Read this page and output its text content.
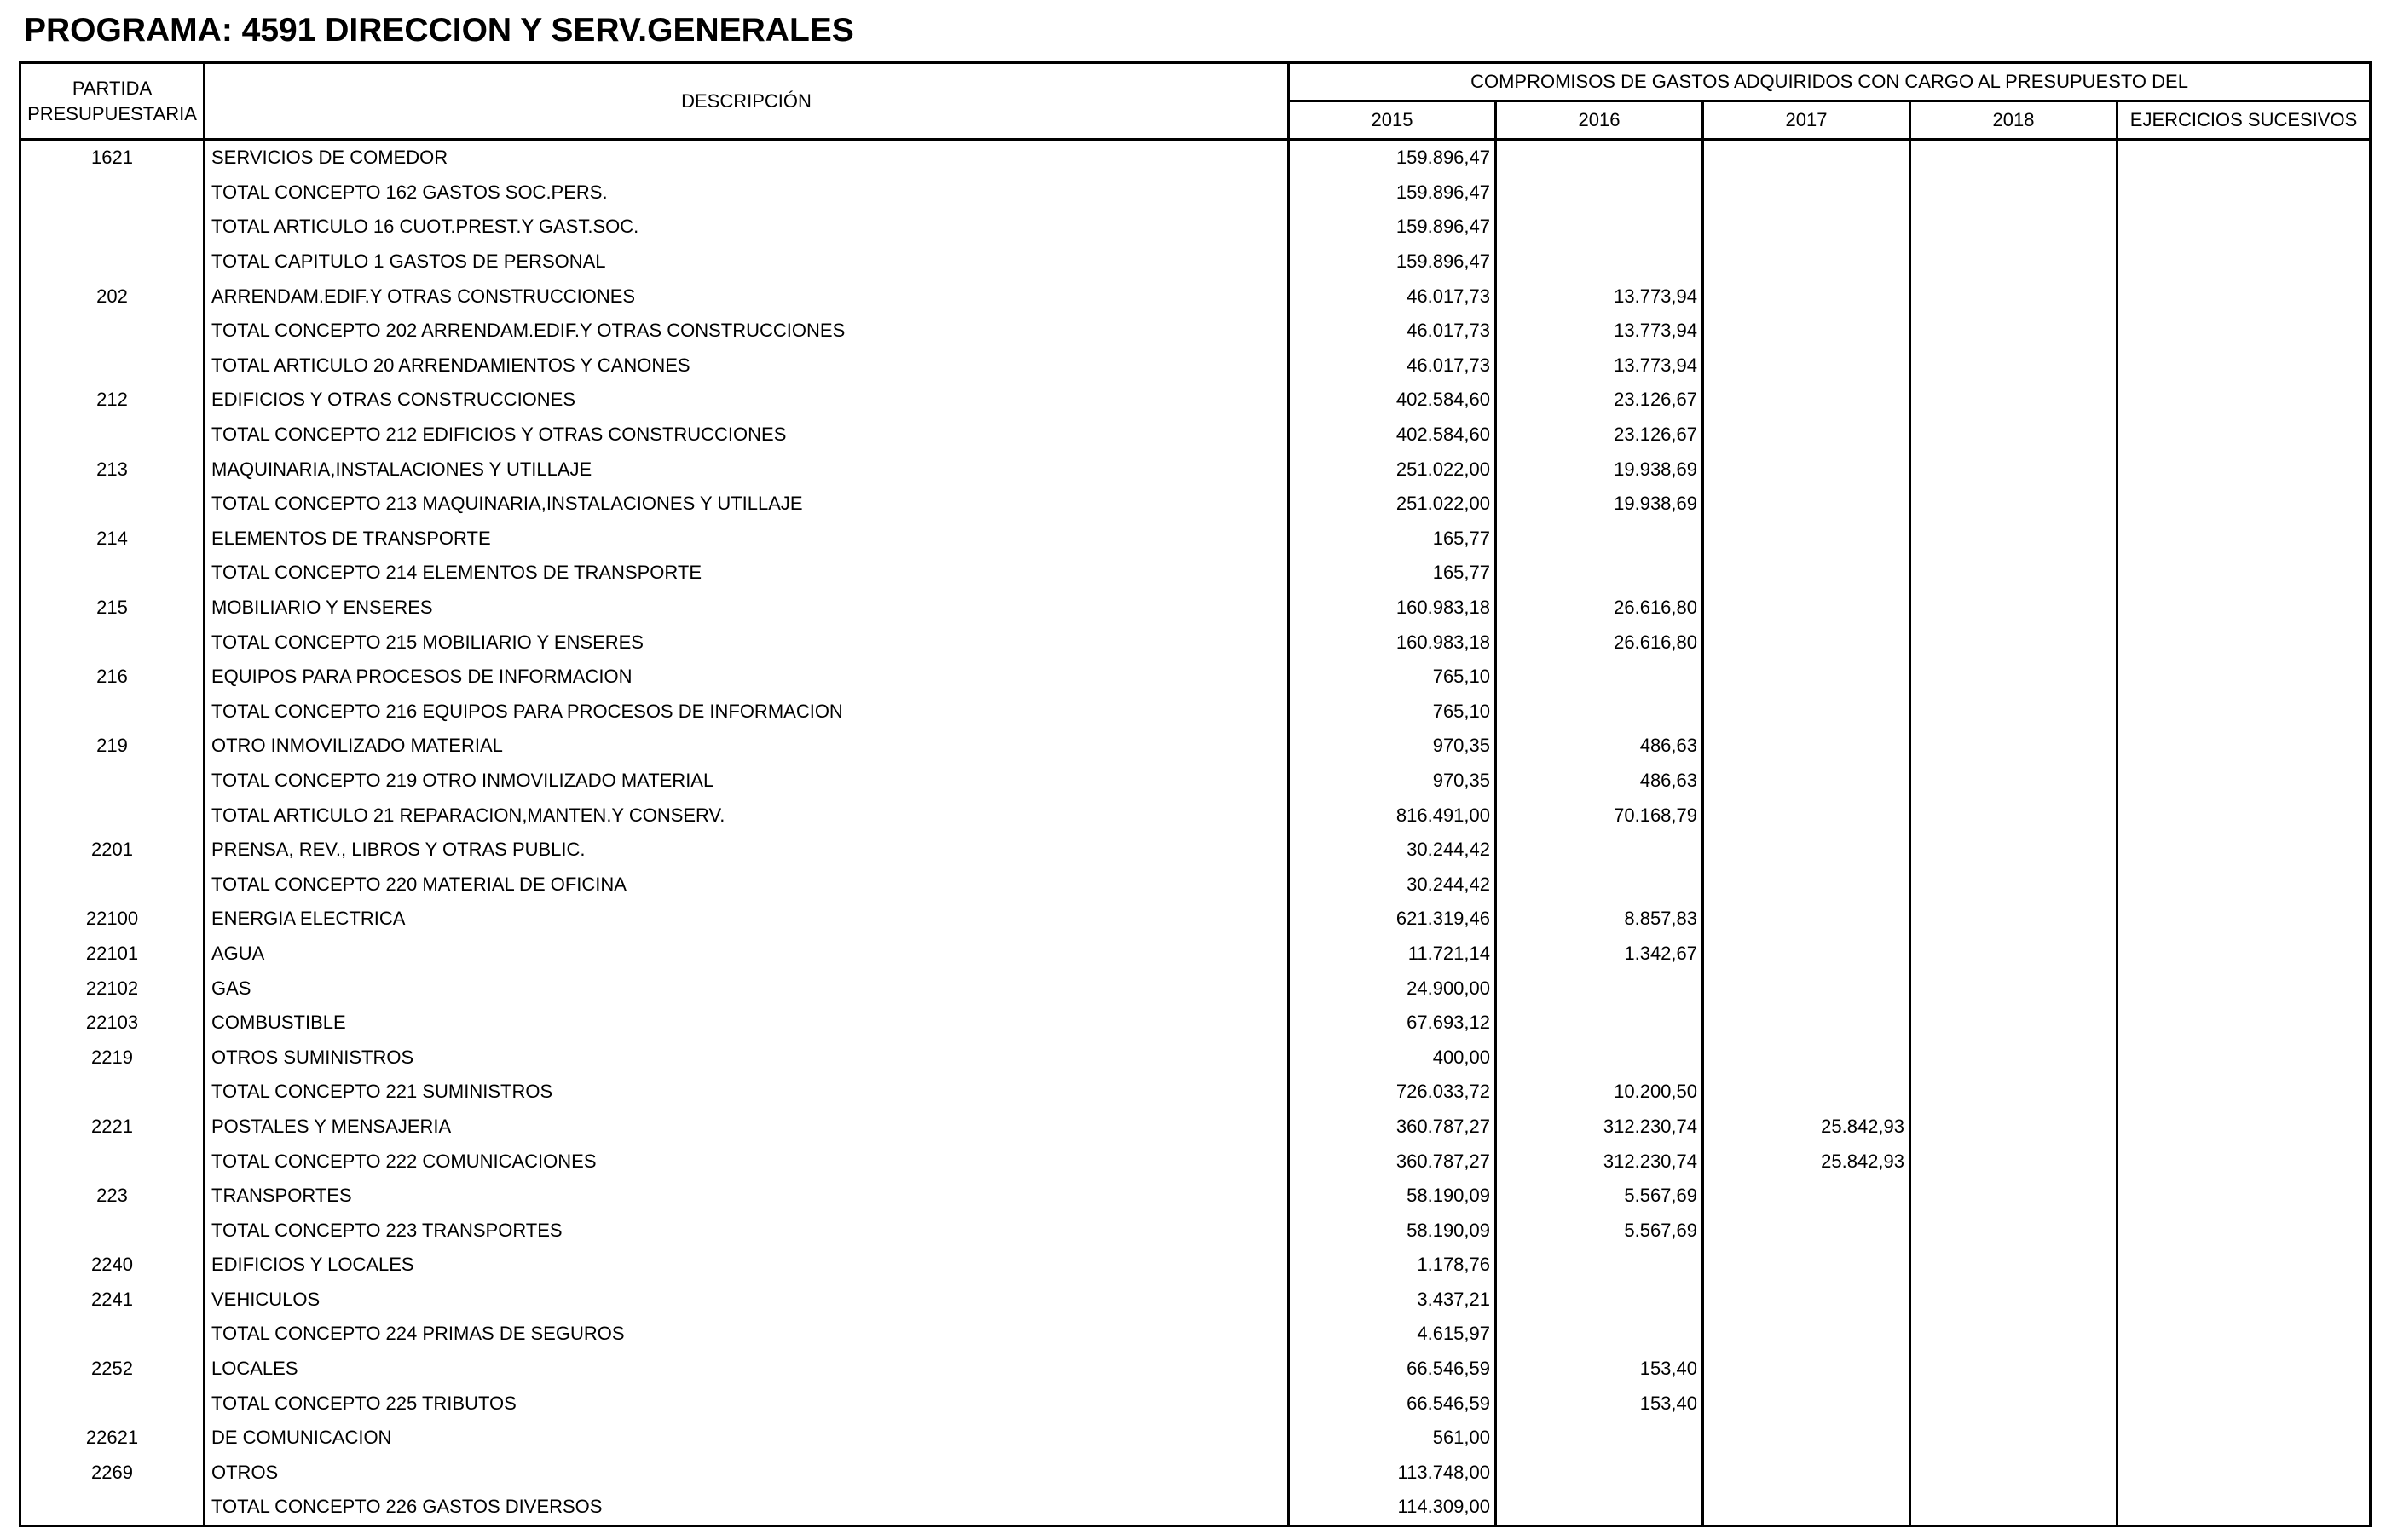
PROGRAMA: 4591 DIRECCION Y SERV.GENERALES
PARTIDA PRESUPUESTARIA	DESCRIPCIÓN	COMPROMISOS DE GASTOS ADQUIRIDOS CON CARGO AL PRESUPUESTO DEL				
		2015	2016	2017	2018	EJERCICIOS SUCESIVOS
1621	SERVICIOS DE COMEDOR	159.896,47				
	TOTAL CONCEPTO 162 GASTOS SOC.PERS.	159.896,47				
	TOTAL ARTICULO 16 CUOT.PREST.Y GAST.SOC.	159.896,47				
	TOTAL CAPITULO 1 GASTOS DE PERSONAL	159.896,47				
202	ARRENDAM.EDIF.Y OTRAS CONSTRUCCIONES	46.017,73	13.773,94			
	TOTAL CONCEPTO 202 ARRENDAM.EDIF.Y OTRAS CONSTRUCCIONES	46.017,73	13.773,94			
	TOTAL ARTICULO 20 ARRENDAMIENTOS Y CANONES	46.017,73	13.773,94			
212	EDIFICIOS Y OTRAS CONSTRUCCIONES	402.584,60	23.126,67			
	TOTAL CONCEPTO 212 EDIFICIOS Y OTRAS CONSTRUCCIONES	402.584,60	23.126,67			
213	MAQUINARIA,INSTALACIONES Y UTILLAJE	251.022,00	19.938,69			
	TOTAL CONCEPTO 213 MAQUINARIA,INSTALACIONES Y UTILLAJE	251.022,00	19.938,69			
214	ELEMENTOS DE TRANSPORTE	165,77				
	TOTAL CONCEPTO 214 ELEMENTOS DE TRANSPORTE	165,77				
215	MOBILIARIO Y ENSERES	160.983,18	26.616,80			
	TOTAL CONCEPTO 215 MOBILIARIO Y ENSERES	160.983,18	26.616,80			
216	EQUIPOS PARA PROCESOS DE INFORMACION	765,10				
	TOTAL CONCEPTO 216 EQUIPOS PARA PROCESOS DE INFORMACION	765,10				
219	OTRO INMOVILIZADO MATERIAL	970,35	486,63			
	TOTAL CONCEPTO 219 OTRO INMOVILIZADO MATERIAL	970,35	486,63			
	TOTAL ARTICULO 21 REPARACION,MANTEN.Y CONSERV.	816.491,00	70.168,79			
2201	PRENSA, REV., LIBROS Y OTRAS PUBLIC.	30.244,42				
	TOTAL CONCEPTO 220 MATERIAL DE OFICINA	30.244,42				
22100	ENERGIA ELECTRICA	621.319,46	8.857,83			
22101	AGUA	11.721,14	1.342,67			
22102	GAS	24.900,00				
22103	COMBUSTIBLE	67.693,12				
2219	OTROS SUMINISTROS	400,00				
	TOTAL CONCEPTO 221 SUMINISTROS	726.033,72	10.200,50			
2221	POSTALES Y MENSAJERIA	360.787,27	312.230,74	25.842,93		
	TOTAL CONCEPTO 222 COMUNICACIONES	360.787,27	312.230,74	25.842,93		
223	TRANSPORTES	58.190,09	5.567,69			
	TOTAL CONCEPTO 223 TRANSPORTES	58.190,09	5.567,69			
2240	EDIFICIOS Y LOCALES	1.178,76				
2241	VEHICULOS	3.437,21				
	TOTAL CONCEPTO 224 PRIMAS DE SEGUROS	4.615,97				
2252	LOCALES	66.546,59	153,40			
	TOTAL CONCEPTO 225 TRIBUTOS	66.546,59	153,40			
22621	DE COMUNICACION	561,00				
2269	OTROS	113.748,00				
	TOTAL CONCEPTO 226 GASTOS DIVERSOS	114.309,00				
